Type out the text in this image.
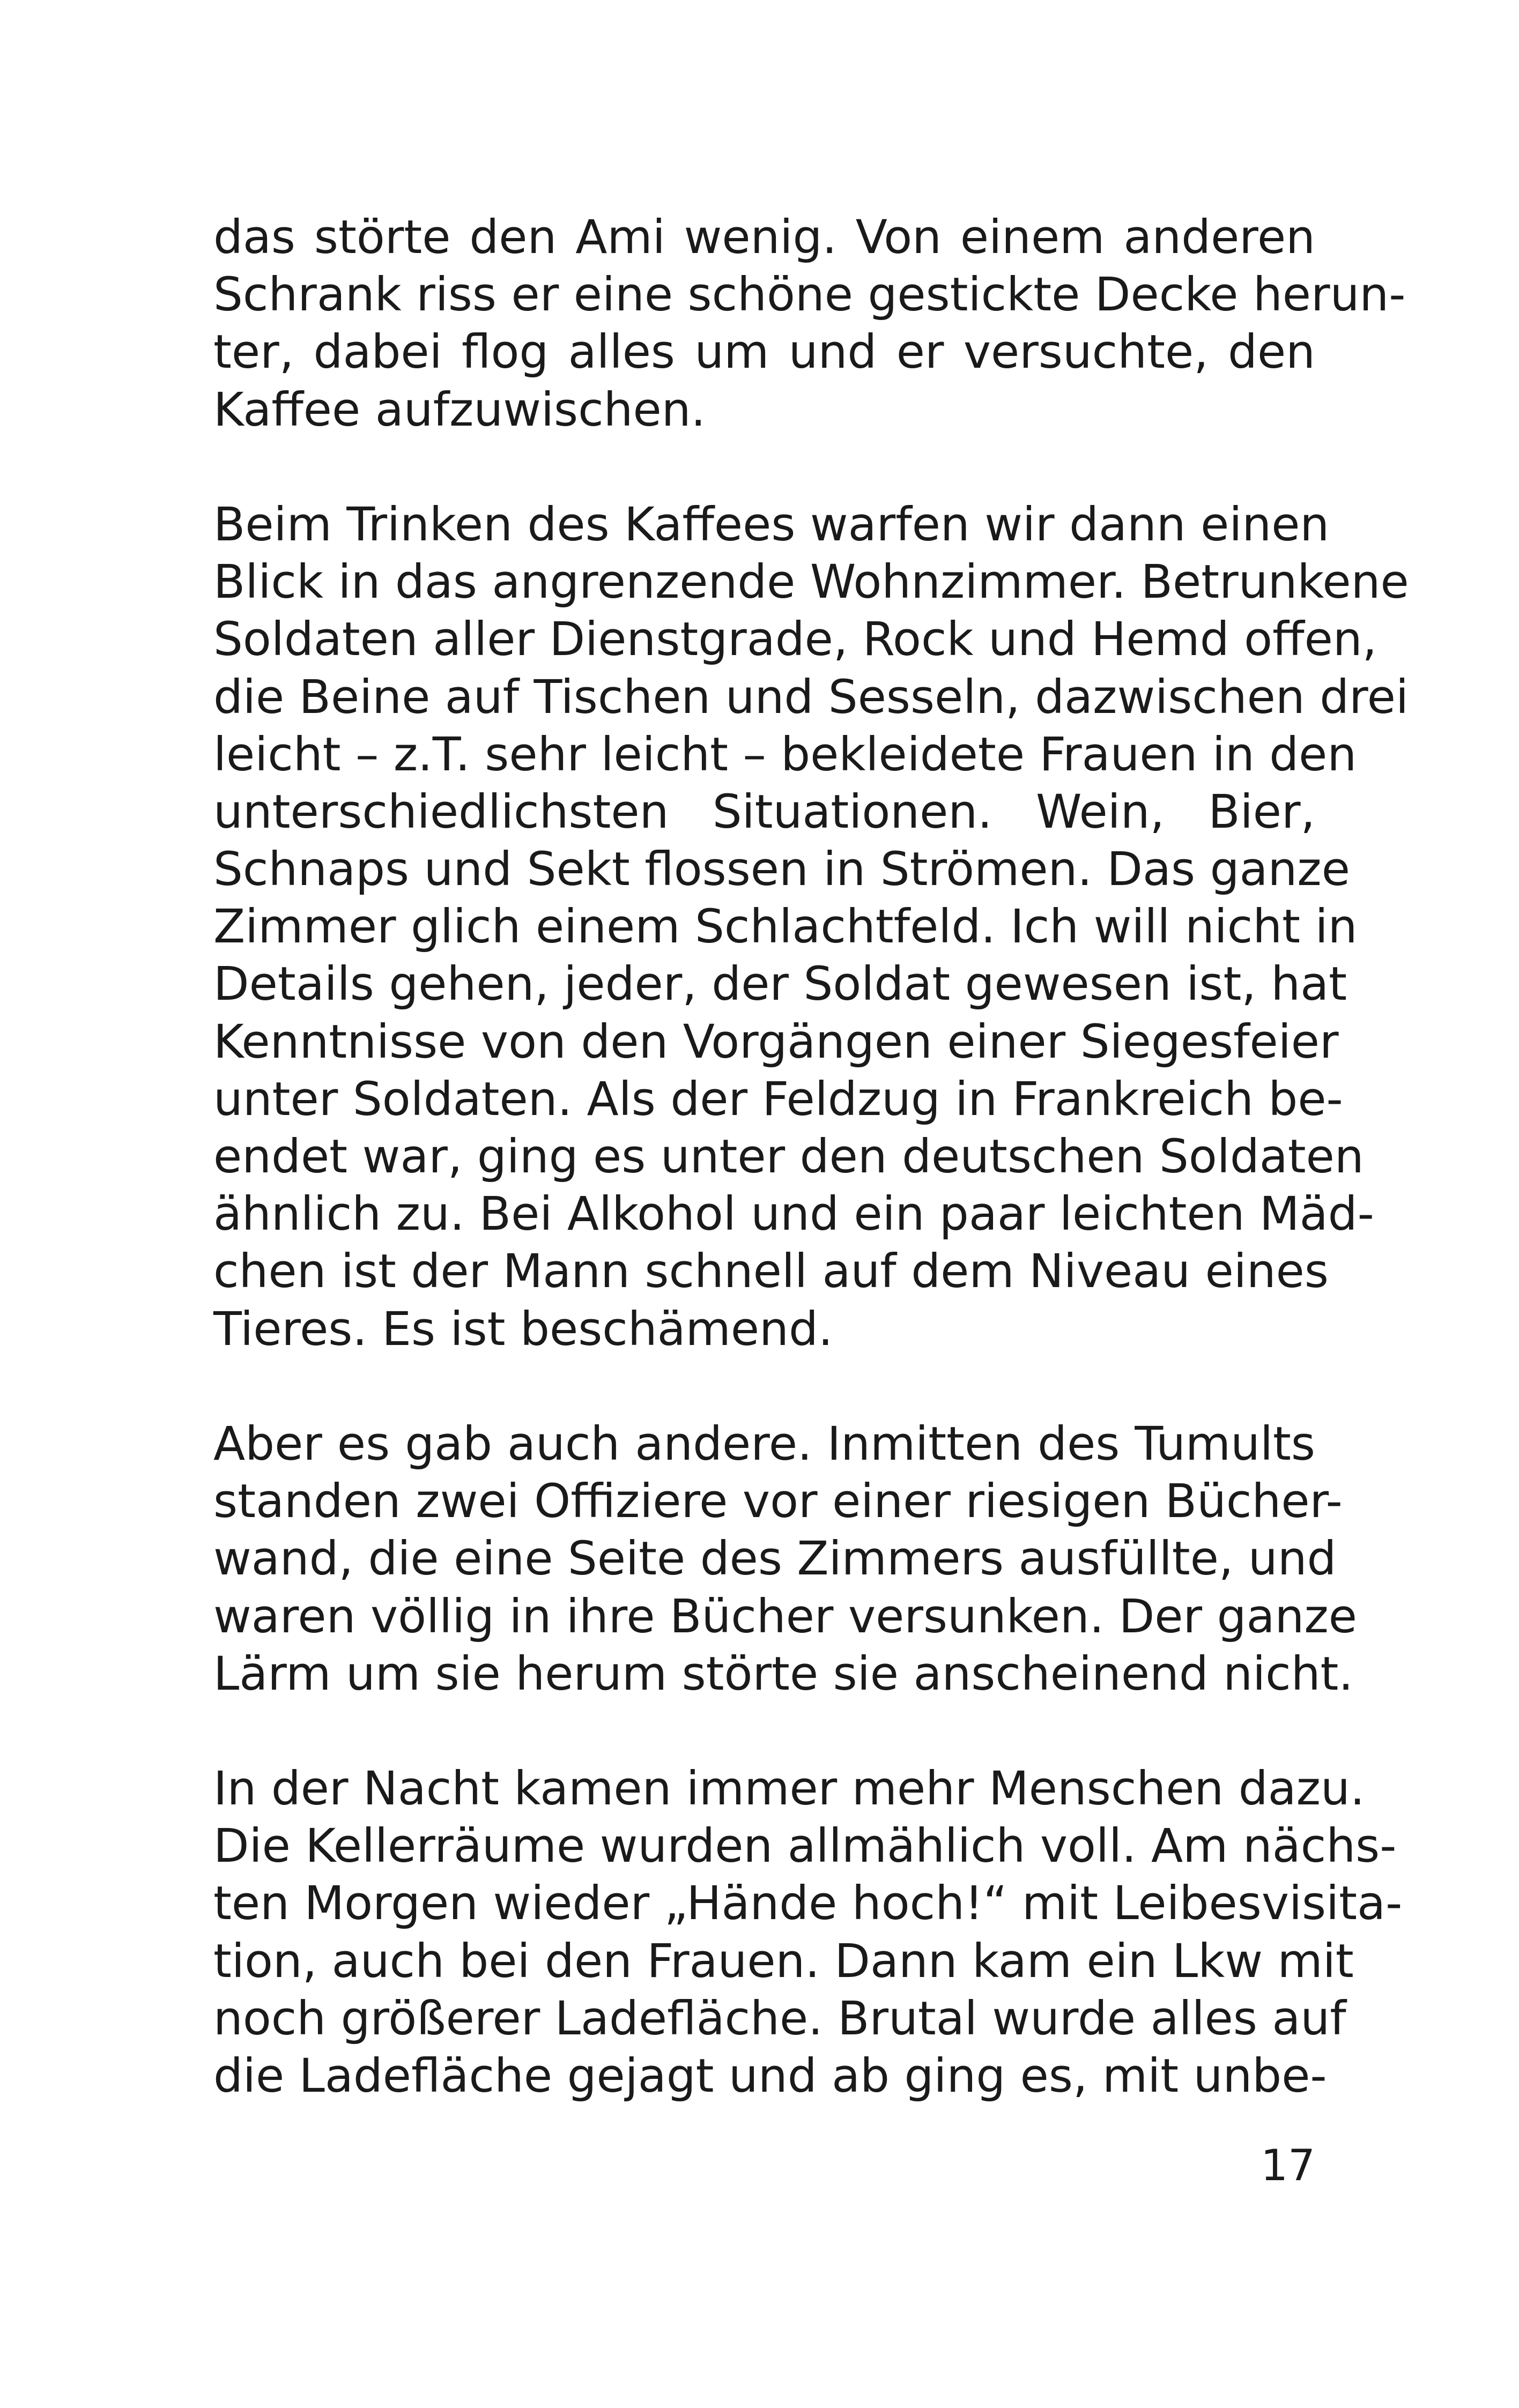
das störte den Ami wenig. Von einem anderen
Schrank riss er eine schöne gestickte Decke herun-
ter, dabei flog alles um und er versuchte, den
Kaffee aufzuwischen.

Beim Trinken des Kaffees warfen wir dann einen
Blick in das angrenzende Wohnzimmer. Betrunkene
Soldaten aller Dienstgrade, Rock und Hemd offen,
die Beine auf Tischen und Sesseln, dazwischen drei
leicht – z.T. sehr leicht – bekleidete Frauen in den
unterschiedlichsten Situationen. Wein, Bier,
Schnaps und Sekt flossen in Strömen. Das ganze
Zimmer glich einem Schlachtfeld. Ich will nicht in
Details gehen, jeder, der Soldat gewesen ist, hat
Kenntnisse von den Vorgängen einer Siegesfeier
unter Soldaten. Als der Feldzug in Frankreich be-
endet war, ging es unter den deutschen Soldaten
ähnlich zu. Bei Alkohol und ein paar leichten Mäd-
chen ist der Mann schnell auf dem Niveau eines
Tieres. Es ist beschämend.

Aber es gab auch andere. Inmitten des Tumults
standen zwei Offiziere vor einer riesigen Bücher-
wand, die eine Seite des Zimmers ausfüllte, und
waren völlig in ihre Bücher versunken. Der ganze
Lärm um sie herum störte sie anscheinend nicht.

In der Nacht kamen immer mehr Menschen dazu.
Die Kellerräume wurden allmählich voll. Am nächs-
ten Morgen wieder „Hände hoch!“ mit Leibesvisita-
tion, auch bei den Frauen. Dann kam ein Lkw mit
noch größerer Ladefläche. Brutal wurde alles auf
die Ladefläche gejagt und ab ging es, mit unbe-

17
